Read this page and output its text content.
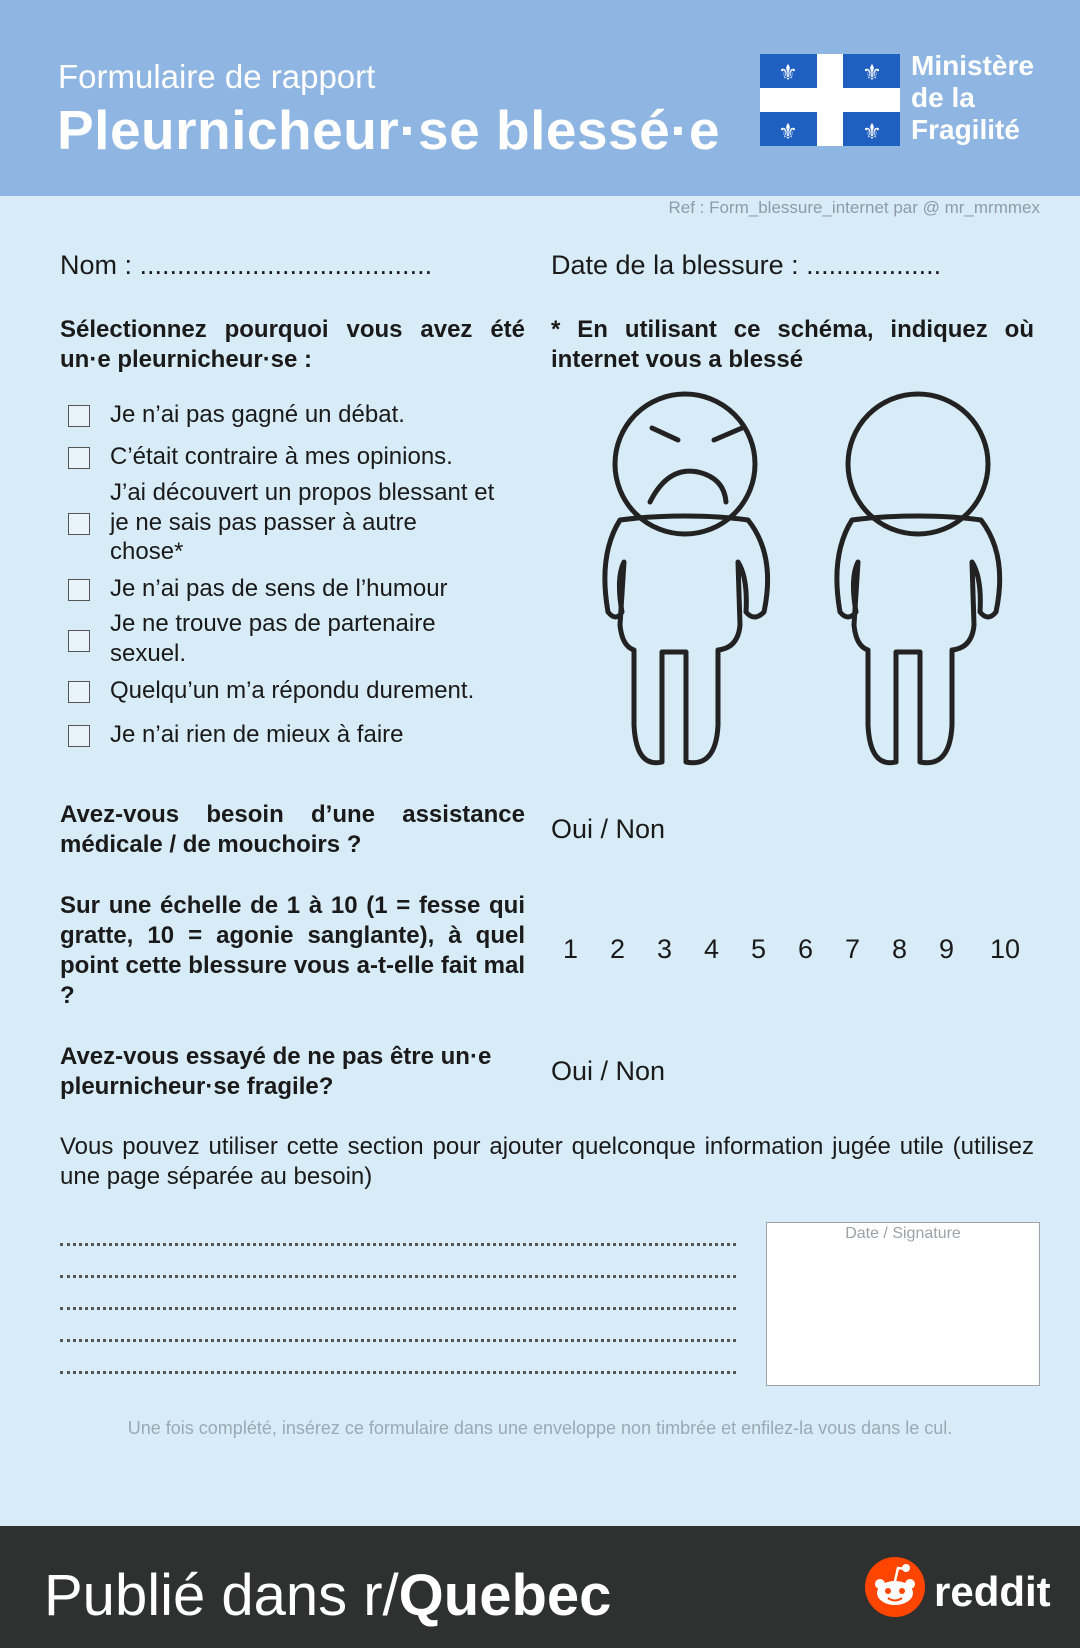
Formulaire de rapport
Pleurnicheur·se blessé·e
⚜	⚜
⚜	⚜
Ministère
de la
Fragilité
Ref : Form_blessure_internet par @ mr_mrmmex
Nom : .......................................	Date de la blessure : ..................
Sélectionnez pourquoi vous avez été un·e pleurnicheur·se :
* En utilisant ce schéma, indiquez où internet vous a blessé
Je n’ai pas gagné un débat.
C’était contraire à mes opinions.
J’ai découvert un propos blessant et
je ne sais pas passer à autre
chose*
Je n’ai pas de sens de l’humour
Je ne trouve pas de partenaire
sexuel.
Quelqu’un m’a répondu durement.
Je n’ai rien de mieux à faire
Avez-vous besoin d’une assistance médicale / de mouchoirs ?
Oui / Non
Sur une échelle de 1 à 10 (1 = fesse qui gratte, 10 = agonie sanglante), à quel point cette blessure vous a-t-elle fait mal ?
1 2 3 4 5 6 7 8 9 10
Avez-vous essayé de ne pas être un·e pleurnicheur·se fragile?
Oui / Non
Vous pouvez utiliser cette section pour ajouter quelconque information jugée utile (utilisez une page séparée au besoin)
Date / Signature
Une fois complété, insérez ce formulaire dans une enveloppe non timbrée et enfilez-la vous dans le cul.
Publié dans r/Quebec	reddit
